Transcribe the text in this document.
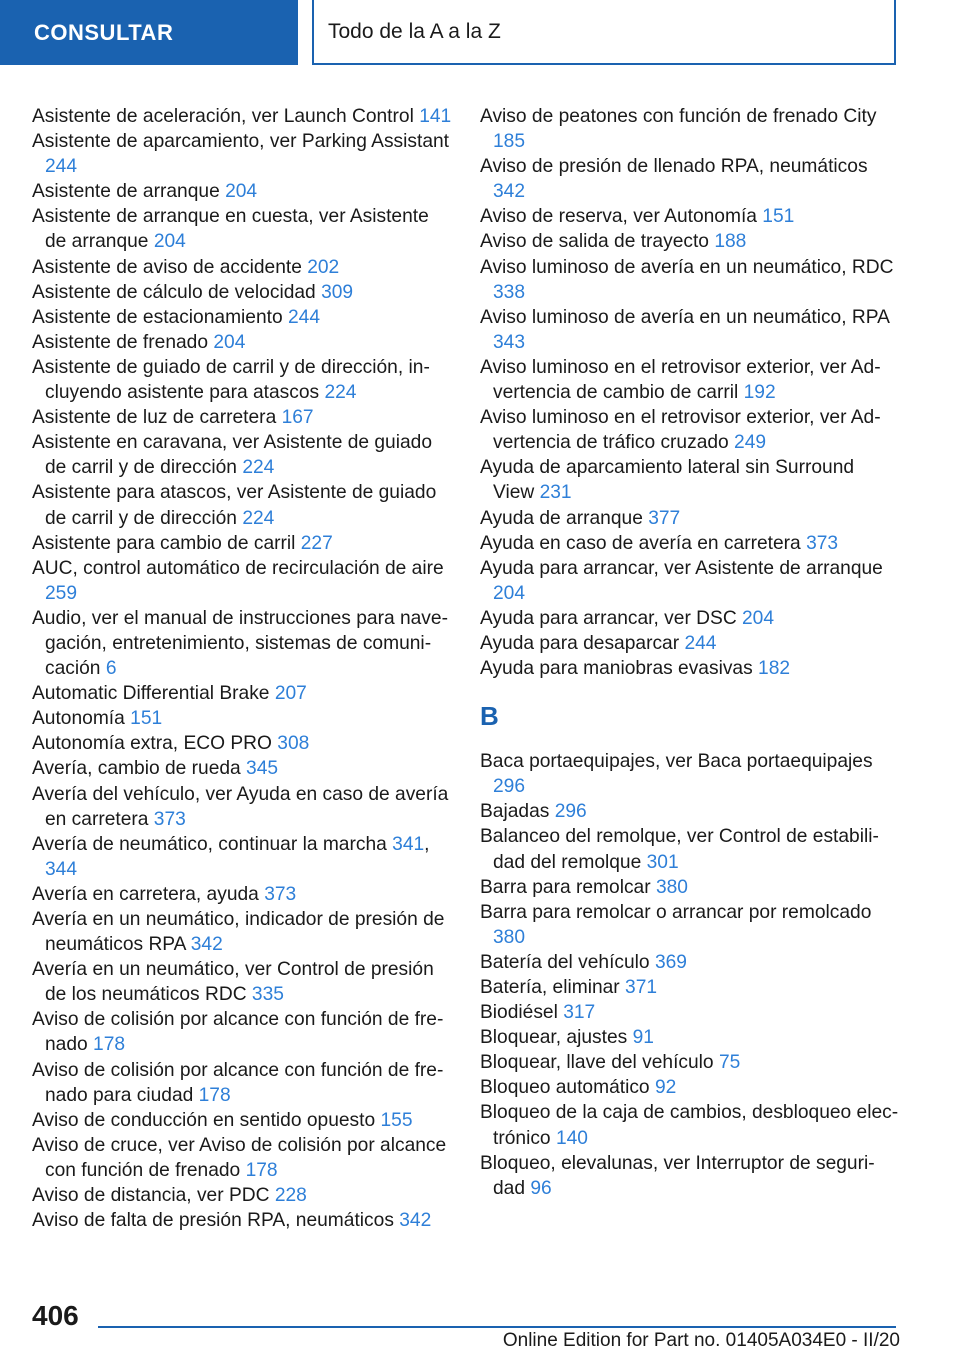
CONSULTAR	Todo de la A a la Z
Asistente de aceleración, ver Launch Control 141
Asistente de aparcamiento, ver Parking Assistant 244
Asistente de arranque 204
Asistente de arranque en cuesta, ver Asistente de arranque 204
Asistente de aviso de accidente 202
Asistente de cálculo de velocidad 309
Asistente de estacionamiento 244
Asistente de frenado 204
Asistente de guiado de carril y de dirección, incluyendo asistente para atascos 224
Asistente de luz de carretera 167
Asistente en caravana, ver Asistente de guiado de carril y de dirección 224
Asistente para atascos, ver Asistente de guiado de carril y de dirección 224
Asistente para cambio de carril 227
AUC, control automático de recirculación de aire 259
Audio, ver el manual de instrucciones para navegación, entretenimiento, sistemas de comunicación 6
Automatic Differential Brake 207
Autonomía 151
Autonomía extra, ECO PRO 308
Avería, cambio de rueda 345
Avería del vehículo, ver Ayuda en caso de avería en carretera 373
Avería de neumático, continuar la marcha 341, 344
Avería en carretera, ayuda 373
Avería en un neumático, indicador de presión de neumáticos RPA 342
Avería en un neumático, ver Control de presión de los neumáticos RDC 335
Aviso de colisión por alcance con función de frenado 178
Aviso de colisión por alcance con función de frenado para ciudad 178
Aviso de conducción en sentido opuesto 155
Aviso de cruce, ver Aviso de colisión por alcance con función de frenado 178
Aviso de distancia, ver PDC 228
Aviso de falta de presión RPA, neumáticos 342
Aviso de peatones con función de frenado City 185
Aviso de presión de llenado RPA, neumáticos 342
Aviso de reserva, ver Autonomía 151
Aviso de salida de trayecto 188
Aviso luminoso de avería en un neumático, RDC 338
Aviso luminoso de avería en un neumático, RPA 343
Aviso luminoso en el retrovisor exterior, ver Advertencia de cambio de carril 192
Aviso luminoso en el retrovisor exterior, ver Advertencia de tráfico cruzado 249
Ayuda de aparcamiento lateral sin Surround View 231
Ayuda de arranque 377
Ayuda en caso de avería en carretera 373
Ayuda para arrancar, ver Asistente de arranque 204
Ayuda para arrancar, ver DSC 204
Ayuda para desaparcar 244
Ayuda para maniobras evasivas 182
B
Baca portaequipajes, ver Baca portaequipajes 296
Bajadas 296
Balanceo del remolque, ver Control de estabilidad del remolque 301
Barra para remolcar 380
Barra para remolcar o arrancar por remolcado 380
Batería del vehículo 369
Batería, eliminar 371
Biodiésel 317
Bloquear, ajustes 91
Bloquear, llave del vehículo 75
Bloqueo automático 92
Bloqueo de la caja de cambios, desbloqueo electrónico 140
Bloqueo, elevalunas, ver Interruptor de seguridad 96
406
Online Edition for Part no. 01405A034E0 - II/20
